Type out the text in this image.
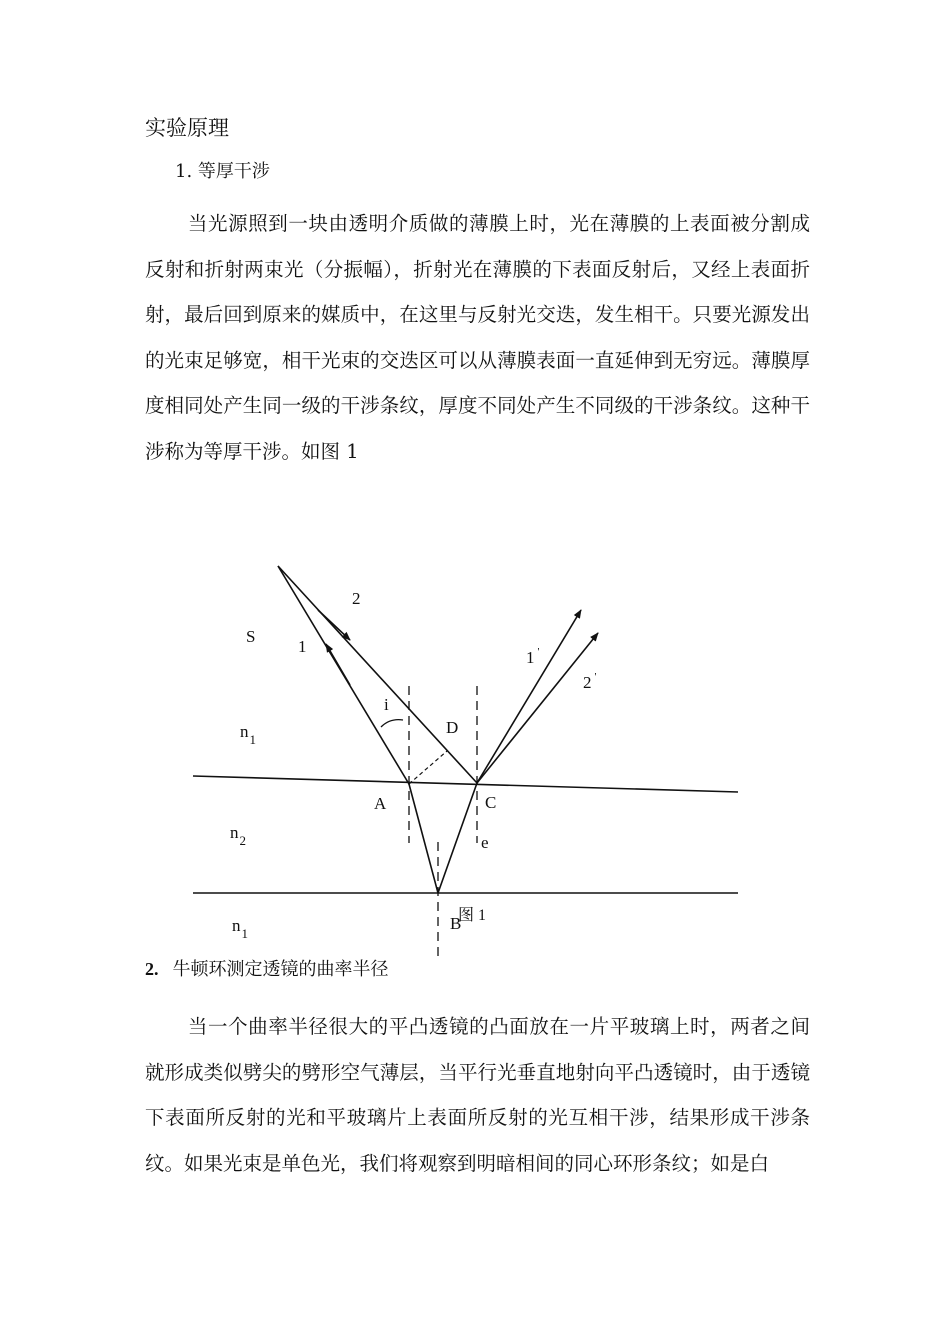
实验原理
1. 等厚干涉

当光源照到一块由透明介质做的薄膜上时，光在薄膜的上表面被分割成反射和折射两束光（分振幅），折射光在薄膜的下表面反射后，又经上表面折射，最后回到原来的媒质中，在这里与反射光交迭，发生相干。只要光源发出的光束足够宽，相干光束的交迭区可以从薄膜表面一直延伸到无穷远。薄膜厚度相同处产生同一级的干涉条纹，厚度不同处产生不同级的干涉条纹。这种干涉称为等厚干涉。如图 1

S
1
2
1 '
2 '
i
D
A	C
e
B
$n_1$
$n_2$
$n_1$
图 1
2. 牛顿环测定透镜的曲率半径

当一个曲率半径很大的平凸透镜的凸面放在一片平玻璃上时，两者之间就形成类似劈尖的劈形空气薄层，当平行光垂直地射向平凸透镜时，由于透镜下表面所反射的光和平玻璃片上表面所反射的光互相干涉，结果形成干涉条纹。如果光束是单色光，我们将观察到明暗相间的同心环形条纹；如是白
